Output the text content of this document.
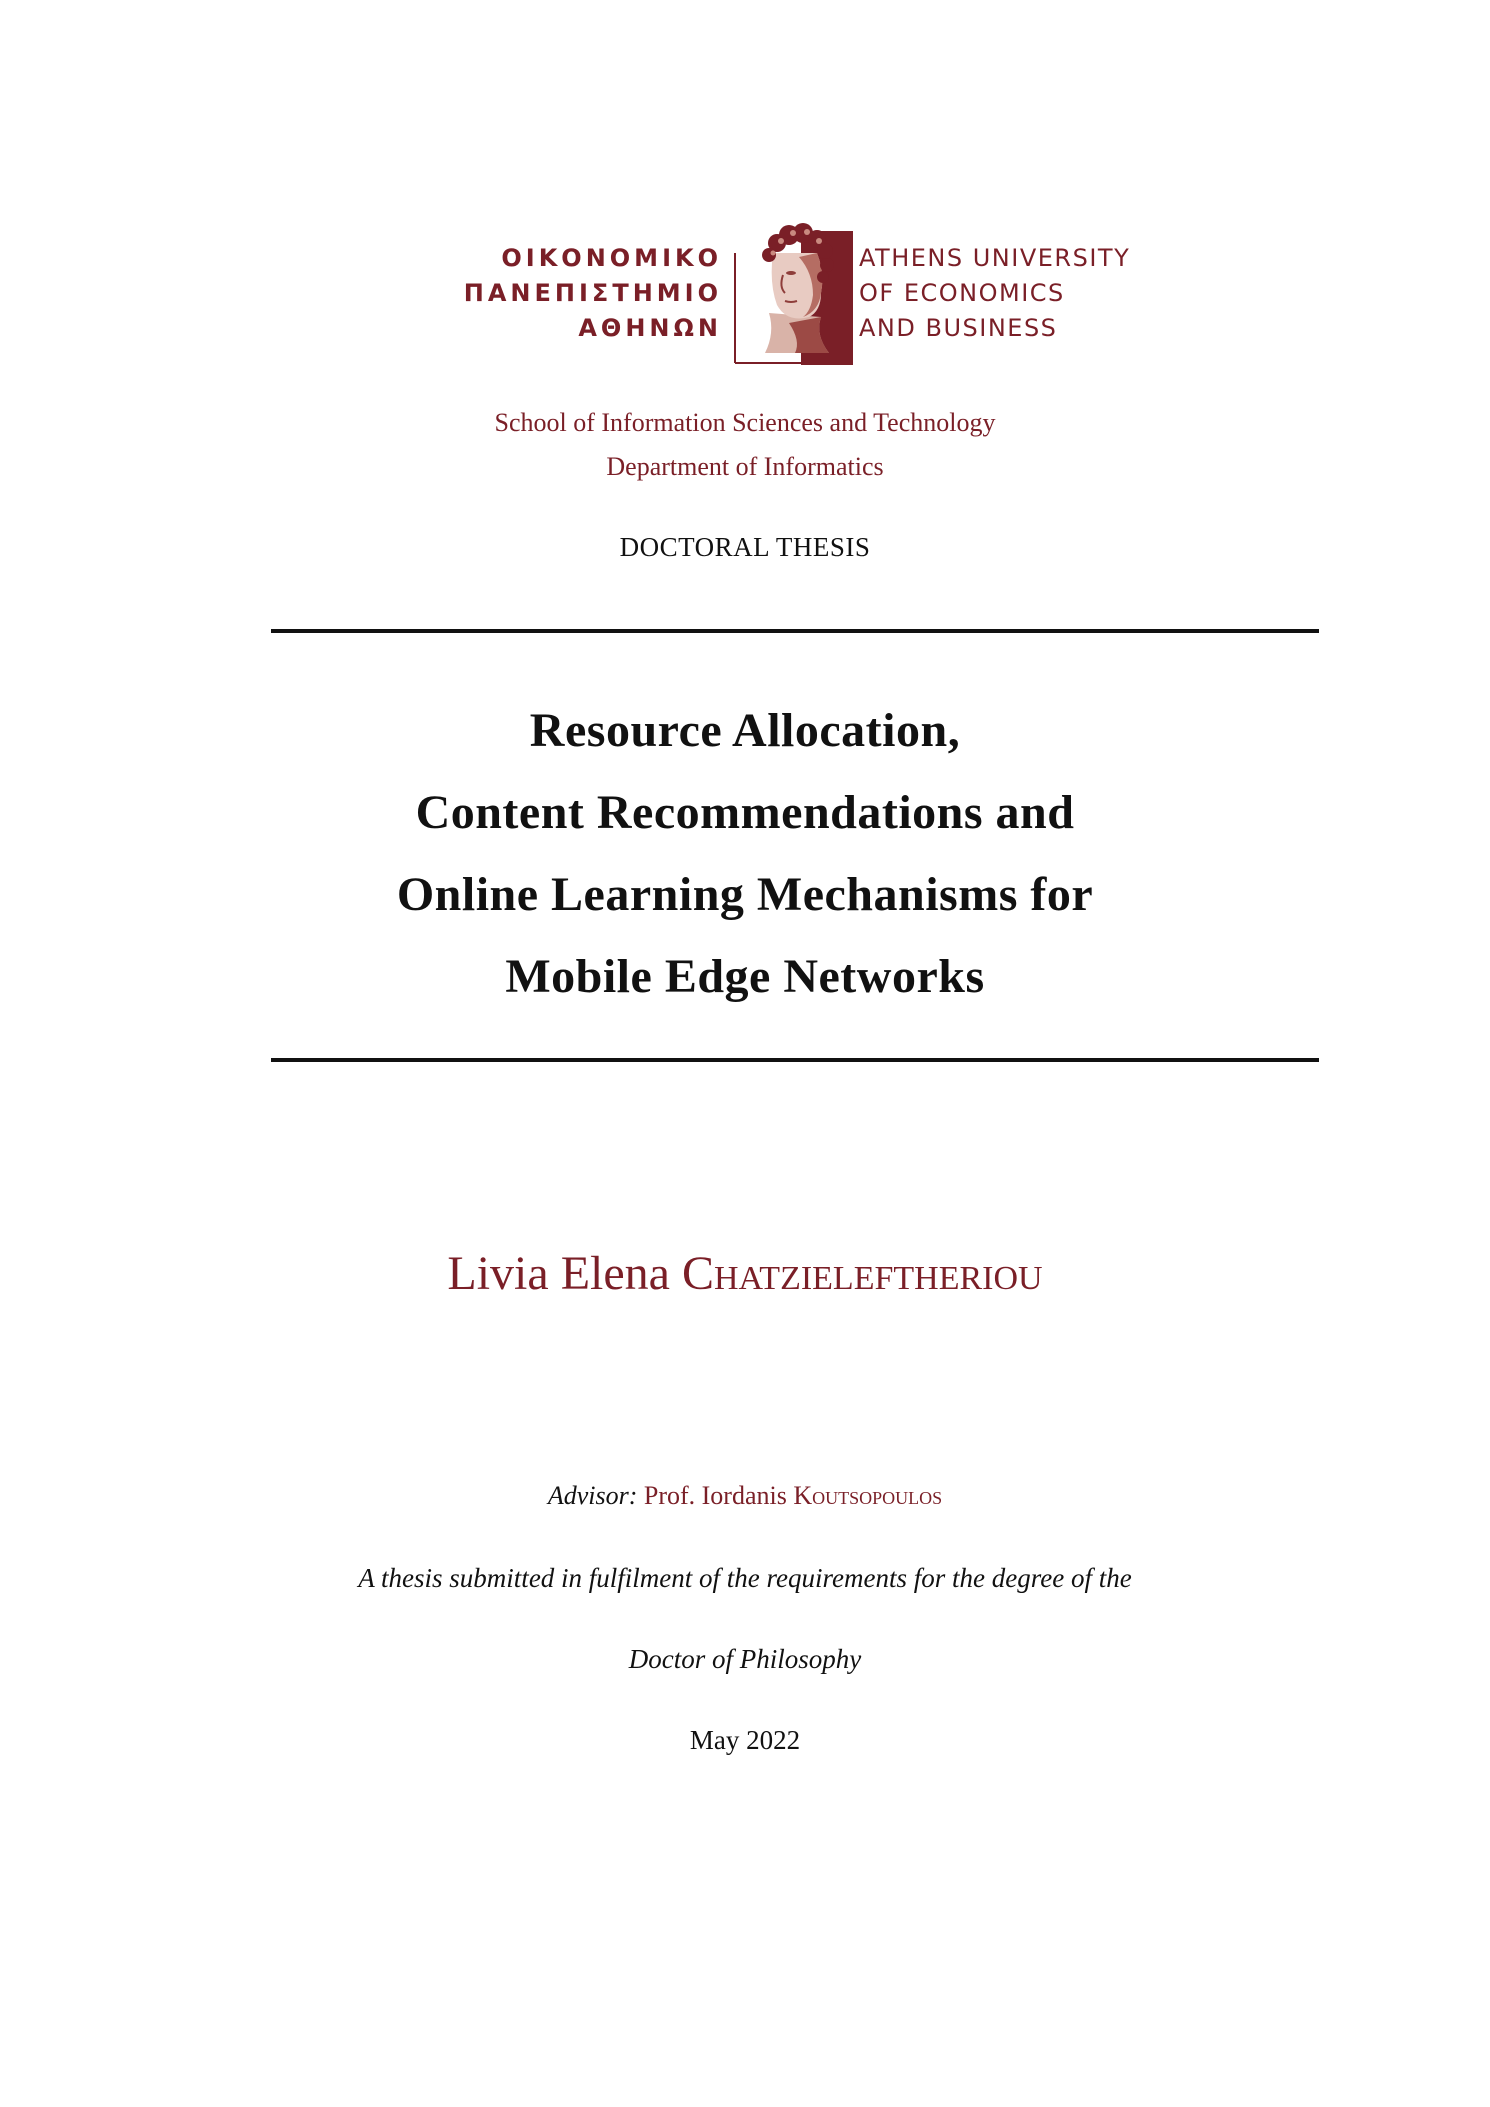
ΟΙΚΟΝΟΜΙΚΟ
ΠΑΝΕΠΙΣΤΗΜΙΟ
ΑΘΗΝΩΝ
ATHENS UNIVERSITY
OF ECONOMICS
AND BUSINESS
School of Information Sciences and Technology
Department of Informatics
DOCTORAL THESIS
Resource Allocation,
Content Recommendations and
Online Learning Mechanisms for
Mobile Edge Networks
Livia Elena Chatzieleftheriou
Advisor: Prof. Iordanis Koutsopoulos
A thesis submitted in fulfilment of the requirements for the degree of the
Doctor of Philosophy
May 2022
